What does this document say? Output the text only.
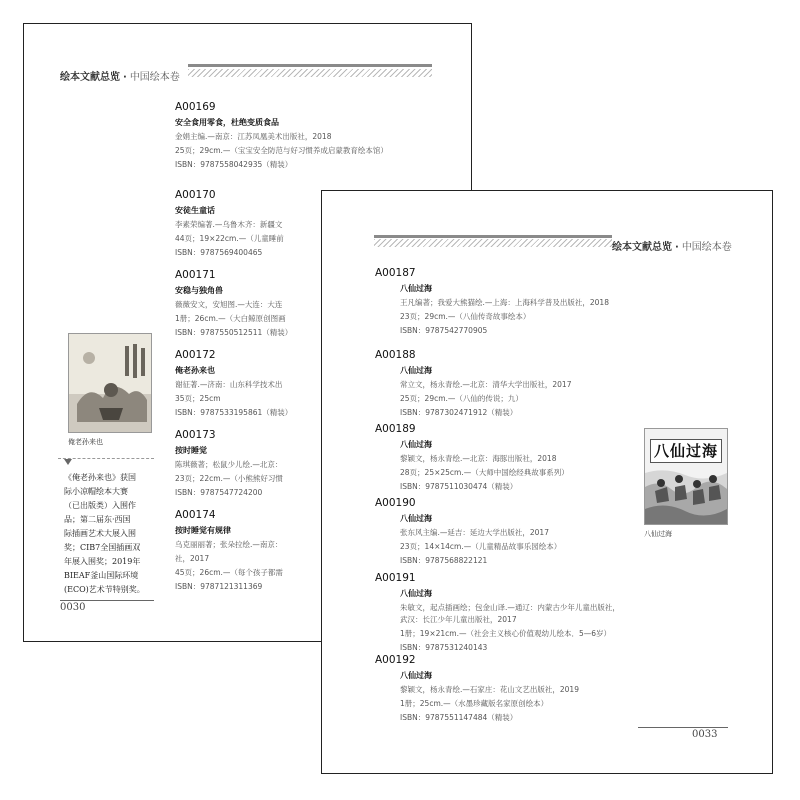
绘本文献总览 · 中国绘本卷
A00169
安全食用零食，杜绝变质食品
金娟主编.—南京：江苏凤凰美术出版社，2018
25页；29cm.—（宝宝安全防范与好习惯养成启蒙教育绘本馆）
ISBN：9787558042935（精装）
A00170
安徒生童话
李素荣编著.—乌鲁木齐：新疆文
44页；19×22cm.—（儿童睡前
ISBN：9787569400465
A00171
安稳与独角兽
薇薇安文，安旭图.—大连：大连
1册；26cm.—（大白鲸原创图画
ISBN：9787550512511（精装）
A00172
俺老孙来也
谢征著.—济南：山东科学技术出
35页；25cm
ISBN：9787533195861（精装）
A00173
按时睡觉
陈琪薇著；松鼠少儿绘.—北京：
23页；22cm.—（小熊熊好习惯
ISBN：9787547724200
A00174
按时睡觉有规律
乌克丽丽著；张朵拉绘.—南京：
社，2017
45页；26cm.—（每个孩子都需
ISBN：9787121311369
俺老孙来也
《俺老孙来也》获国
际小凉帽绘本大赛
（已出版类）入围作
品；第二届东·西国
际插画艺术大展入围
奖；CIB7全国插画双
年展入围奖；2019年
BIEAF釜山国际环境
(ECO)艺术节特别奖。
0030
绘本文献总览 · 中国绘本卷
A00187
八仙过海
王凡编著；我爱大熊猫绘.—上海：上海科学普及出版社，2018
23页；29cm.—（八仙传奇故事绘本）
ISBN：9787542770905
A00188
八仙过海
常立文，杨永青绘.—北京：清华大学出版社，2017
25页；29cm.—（八仙的传说；九）
ISBN：9787302471912（精装）
A00189
八仙过海
黎颖文，杨永青绘.—北京：海豚出版社，2018
28页；25×25cm.—（大师中国绘经典故事系列）
ISBN：9787511030474（精装）
A00190
八仙过海
张东风主编.—延吉：延边大学出版社，2017
23页；14×14cm.—（儿童精品故事乐园绘本）
ISBN：9787568822121
A00191
八仙过海
朱敏文，起点插画绘；包金山译.—通辽：内蒙古少年儿童出版社，武汉：长江少年儿童出版社，2017
1册；19×21cm.—（社会主义核心价值观幼儿绘本．5—6岁）
ISBN：9787531240143
A00192
八仙过海
黎颖文，杨永青绘.—石家庄：花山文艺出版社，2019
1册；25cm.—（水墨珍藏版名家原创绘本）
ISBN：9787551147484（精装）
八仙过海
八仙过海
0033
